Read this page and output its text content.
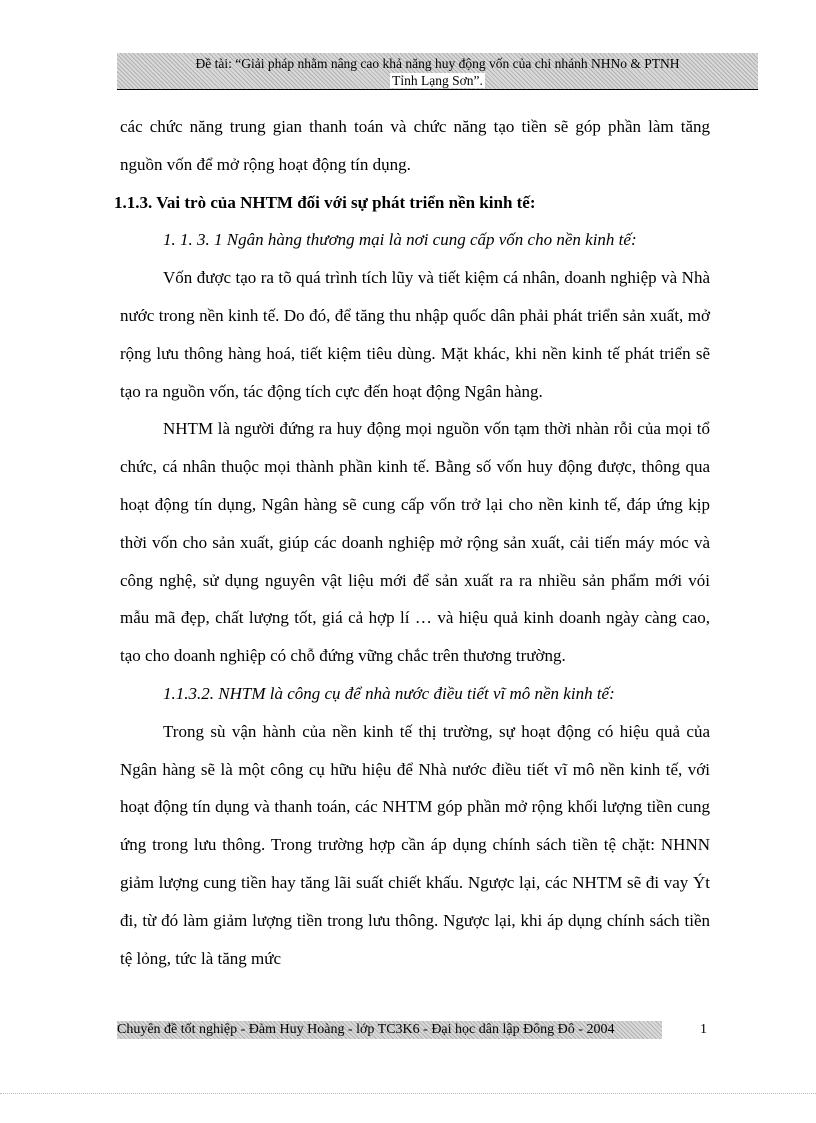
Đề tài: “Giải pháp nhằm nâng cao khả năng huy động vốn của chi nhánh NHNo & PTNH
Tỉnh Lạng Sơn”.

các chức năng trung gian thanh toán và chức năng tạo tiền sẽ góp phần làm tăng nguồn vốn để mở rộng hoạt động tín dụng.

1.1.3. Vai trò của NHTM đối với sự phát triển nền kinh tế:

1. 1. 3. 1 Ngân hàng thương mại là nơi cung cấp vốn cho nền kinh tế:

Vốn được tạo ra tõ quá trình tích lũy và tiết kiệm cá nhân, doanh nghiệp và Nhà nước trong nền kinh tế. Do đó, để tăng thu nhập quốc dân phải phát triển sản xuất, mở rộng lưu thông hàng hoá, tiết kiệm tiêu dùng. Mặt khác, khi nền kinh tế phát triển sẽ tạo ra nguồn vốn, tác động tích cực đến hoạt động Ngân hàng.

NHTM là người đứng ra huy động mọi nguồn vốn tạm thời nhàn rỗi của mọi tổ chức, cá nhân thuộc mọi thành phần kinh tế. Bằng số vốn huy động được, thông qua hoạt động tín dụng, Ngân hàng sẽ cung cấp vốn trở lại cho nền kinh tế, đáp ứng kịp thời vốn cho sản xuất, giúp các doanh nghiệp mở rộng sản xuất, cải tiến máy móc và công nghệ, sử dụng nguyên vật liệu mới để sản xuất ra ra nhiều sản phẩm mới vói mẫu mã đẹp, chất lượng tốt, giá cả hợp lí … và hiệu quả kinh doanh ngày càng cao, tạo cho doanh nghiệp có chỗ đứng vững chắc trên thương trường.

1.1.3.2. NHTM là công cụ để nhà nước điều tiết vĩ mô nền kinh tế:

Trong sù vận hành của nền kinh tế thị trường, sự hoạt động có hiệu quả của Ngân hàng sẽ là một công cụ hữu hiệu để Nhà nước điều tiết vĩ mô nền kinh tế, với hoạt động tín dụng và thanh toán, các NHTM góp phần mở rộng khối lượng tiền cung ứng trong lưu thông. Trong trường hợp cần áp dụng chính sách tiền tệ chặt: NHNN giảm lượng cung tiền hay tăng lãi suất chiết khấu. Ngược lại, các NHTM sẽ đi vay Ýt đi, từ đó làm giảm lượng tiền trong lưu thông. Ngược lại, khi áp dụng chính sách tiền tệ lỏng, tức là tăng mức

Chuyên đề tốt nghiệp - Đàm Huy Hoàng - lớp TC3K6 - Đại học dân lập Đông Đô - 2004	1
